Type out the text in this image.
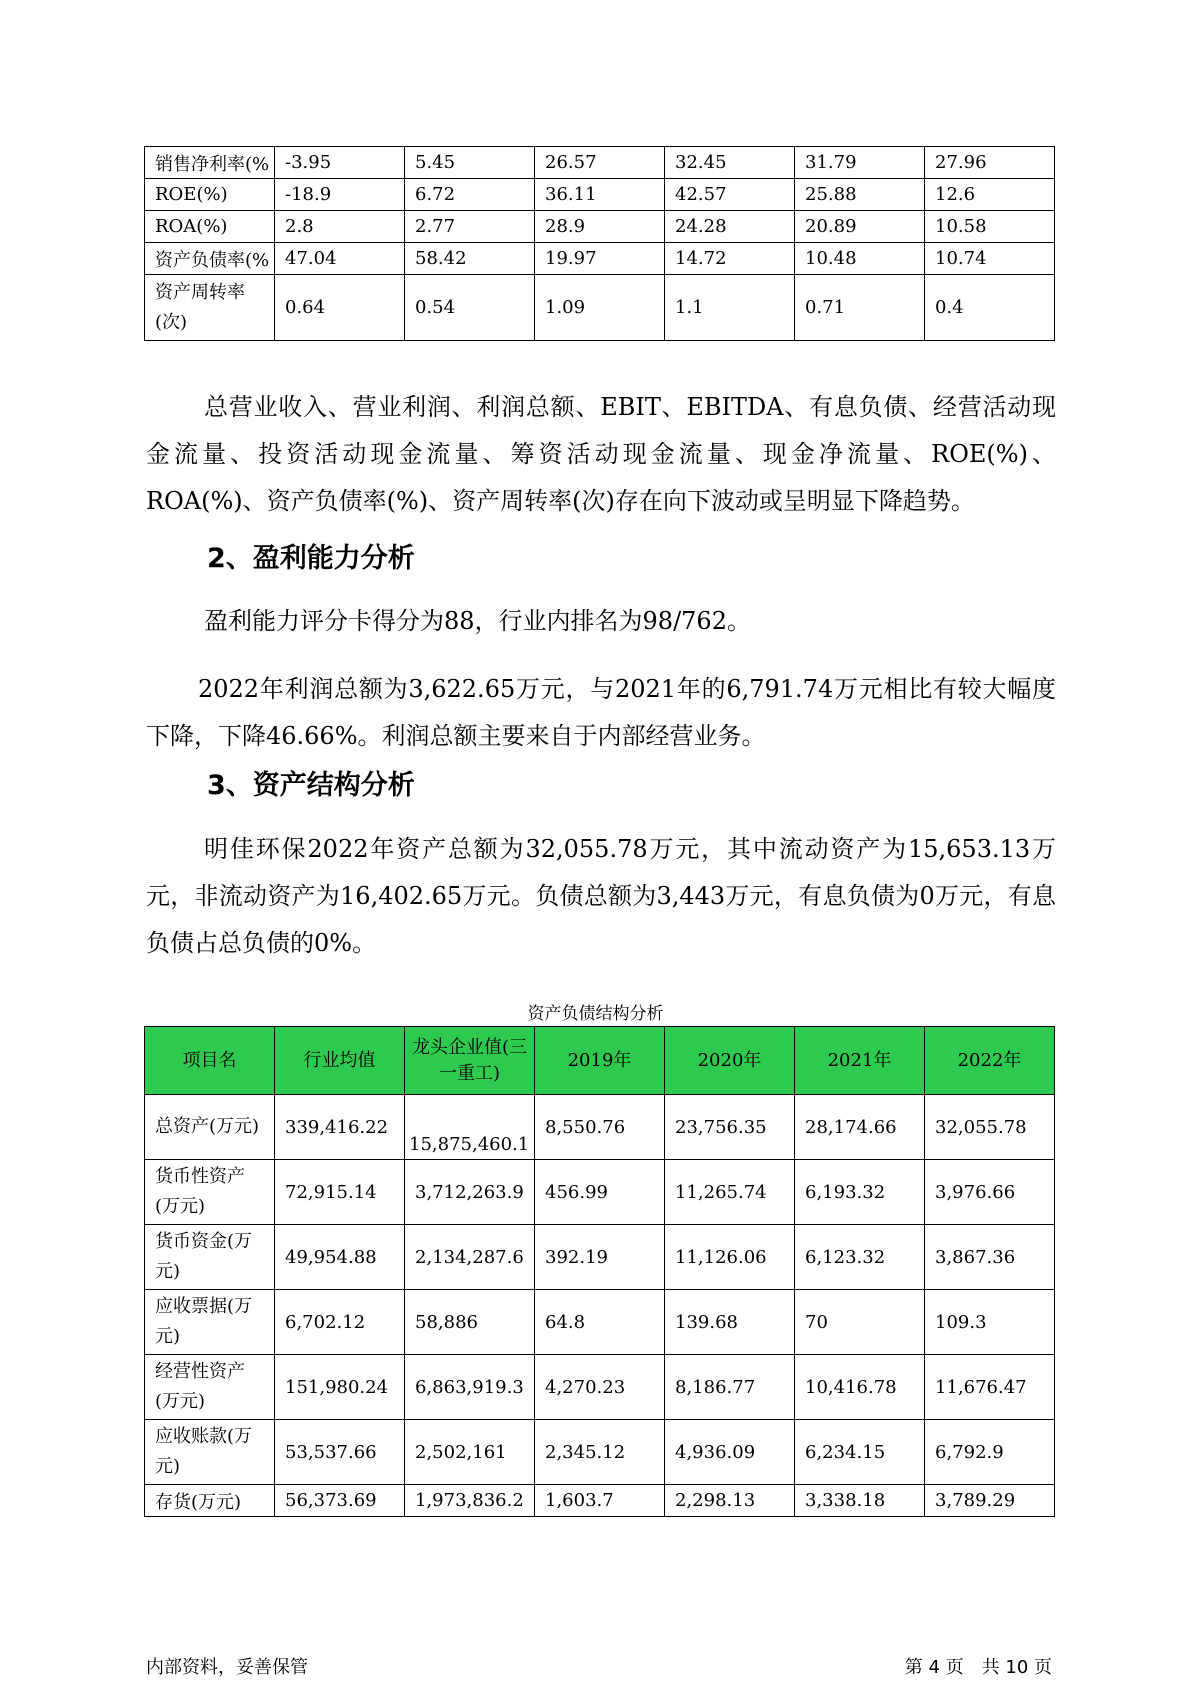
销售净利率(%	-3.95	5.45	26.57	32.45	31.79	27.96
ROE(%)	-18.9	6.72	36.11	42.57	25.88	12.6
ROA(%)	2.8	2.77	28.9	24.28	20.89	10.58
资产负债率(%	47.04	58.42	19.97	14.72	10.48	10.74
资产周转率(次)	0.64	0.54	1.09	1.1	0.71	0.4

总营业收入、营业利润、利润总额、EBIT、EBITDA、有息负债、经营活动现金流量、投资活动现金流量、筹资活动现金流量、现金净流量、ROE(%)、ROA(%)、资产负债率(%)、资产周转率(次)存在向下波动或呈明显下降趋势。

2、盈利能力分析

盈利能力评分卡得分为88，行业内排名为98/762。

2022年利润总额为3,622.65万元，与2021年的6,791.74万元相比有较大幅度下降，下降46.66%。利润总额主要来自于内部经营业务。

3、资产结构分析

明佳环保2022年资产总额为32,055.78万元，其中流动资产为15,653.13万元，非流动资产为16,402.65万元。负债总额为3,443万元，有息负债为0万元，有息负债占总负债的0%。

资产负债结构分析

项目名	行业均值	龙头企业值(三一重工)	2019年	2020年	2021年	2022年
总资产(万元)	339,416.22	15,875,460.1	8,550.76	23,756.35	28,174.66	32,055.78
货币性资产(万元)	72,915.14	3,712,263.9	456.99	11,265.74	6,193.32	3,976.66
货币资金(万元)	49,954.88	2,134,287.6	392.19	11,126.06	6,123.32	3,867.36
应收票据(万元)	6,702.12	58,886	64.8	139.68	70	109.3
经营性资产(万元)	151,980.24	6,863,919.3	4,270.23	8,186.77	10,416.78	11,676.47
应收账款(万元)	53,537.66	2,502,161	2,345.12	4,936.09	6,234.15	6,792.9
存货(万元)	56,373.69	1,973,836.2	1,603.7	2,298.13	3,338.18	3,789.29
内部资料，妥善保管	第 4 页　共 10 页
